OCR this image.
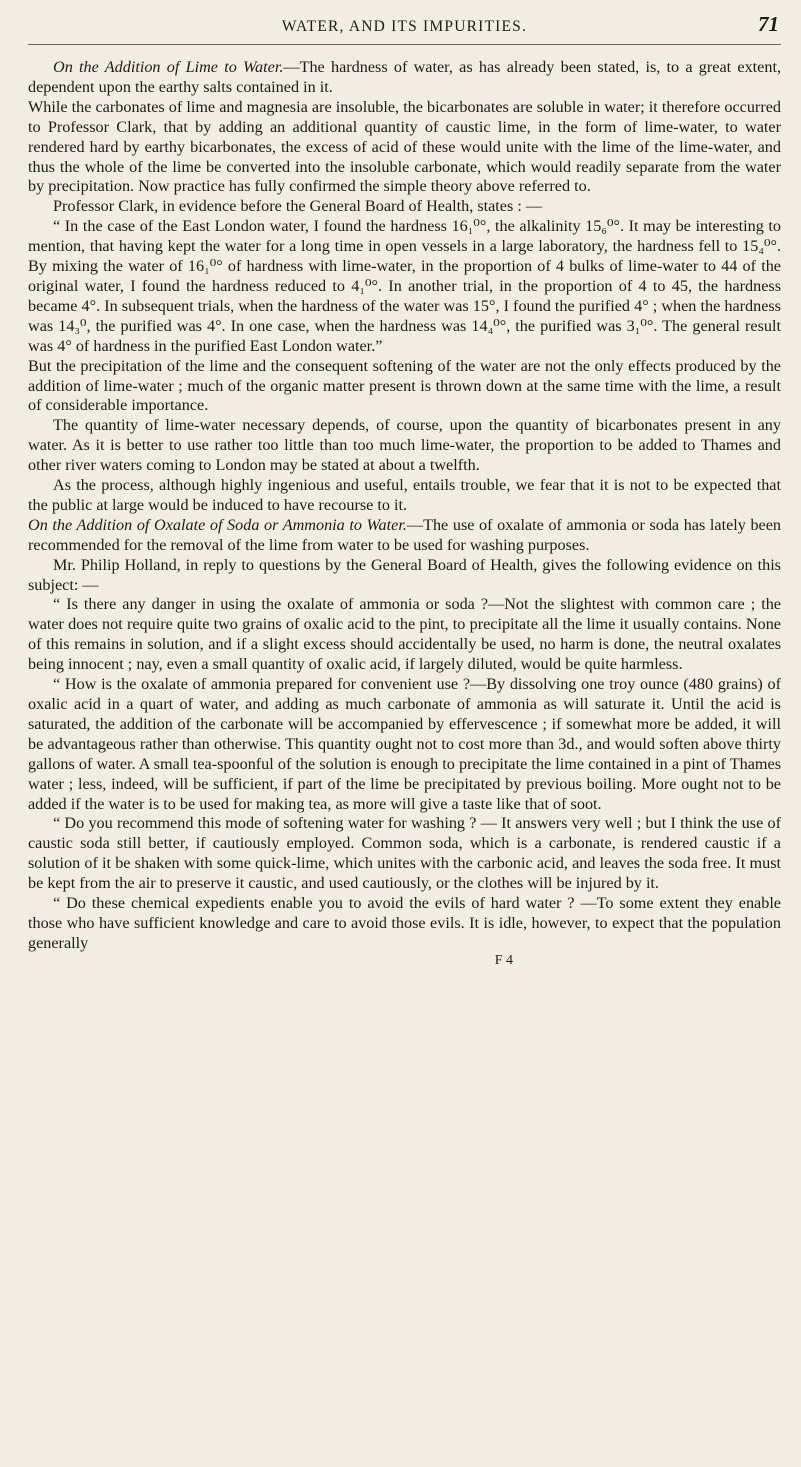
WATER, AND ITS IMPURITIES.	71

On the Addition of Lime to Water.—The hardness of water, as has already been stated, is, to a great extent, dependent upon the earthy salts contained in it.

While the carbonates of lime and magnesia are insoluble, the bicarbonates are soluble in water; it therefore occurred to Professor Clark, that by adding an additional quantity of caustic lime, in the form of lime-water, to water rendered hard by earthy bicarbonates, the excess of acid of these would unite with the lime of the lime-water, and thus the whole of the lime be converted into the insoluble carbonate, which would readily separate from the water by precipitation. Now practice has fully confirmed the simple theory above referred to.

Professor Clark, in evidence before the General Board of Health, states : —

“ In the case of the East London water, I found the hardness 16₁⁰°, the alkalinity 15₆⁰°. It may be interesting to mention, that having kept the water for a long time in open vessels in a large laboratory, the hardness fell to 15₄⁰°. By mixing the water of 16₁⁰° of hardness with lime-water, in the proportion of 4 bulks of lime-water to 44 of the original water, I found the hardness reduced to 4₁⁰°. In another trial, in the proportion of 4 to 45, the hardness became 4°. In subsequent trials, when the hardness of the water was 15°, I found the purified 4° ; when the hardness was 14₃⁰, the purified was 4°. In one case, when the hardness was 14₄⁰°, the purified was 3₁⁰°. The general result was 4° of hardness in the purified East London water.”

But the precipitation of the lime and the consequent softening of the water are not the only effects produced by the addition of lime-water ; much of the organic matter present is thrown down at the same time with the lime, a result of considerable importance.

The quantity of lime-water necessary depends, of course, upon the quantity of bicarbonates present in any water. As it is better to use rather too little than too much lime-water, the proportion to be added to Thames and other river waters coming to London may be stated at about a twelfth.

As the process, although highly ingenious and useful, entails trouble, we fear that it is not to be expected that the public at large would be induced to have recourse to it.

On the Addition of Oxalate of Soda or Ammonia to Water.—The use of oxalate of ammonia or soda has lately been recommended for the removal of the lime from water to be used for washing purposes.

Mr. Philip Holland, in reply to questions by the General Board of Health, gives the following evidence on this subject: —

“ Is there any danger in using the oxalate of ammonia or soda ?—Not the slightest with common care ; the water does not require quite two grains of oxalic acid to the pint, to precipitate all the lime it usually contains. None of this remains in solution, and if a slight excess should accidentally be used, no harm is done, the neutral oxalates being innocent ; nay, even a small quantity of oxalic acid, if largely diluted, would be quite harmless.

“ How is the oxalate of ammonia prepared for convenient use ?—By dissolving one troy ounce (480 grains) of oxalic acid in a quart of water, and adding as much carbonate of ammonia as will saturate it. Until the acid is saturated, the addition of the carbonate will be accompanied by effervescence ; if somewhat more be added, it will be advantageous rather than otherwise. This quantity ought not to cost more than 3d., and would soften above thirty gallons of water. A small tea-spoonful of the solution is enough to precipitate the lime contained in a pint of Thames water ; less, indeed, will be sufficient, if part of the lime be precipitated by previous boiling. More ought not to be added if the water is to be used for making tea, as more will give a taste like that of soot.

“ Do you recommend this mode of softening water for washing ? — It answers very well ; but I think the use of caustic soda still better, if cautiously employed. Common soda, which is a carbonate, is rendered caustic if a solution of it be shaken with some quick-lime, which unites with the carbonic acid, and leaves the soda free. It must be kept from the air to preserve it caustic, and used cautiously, or the clothes will be injured by it.

“ Do these chemical expedients enable you to avoid the evils of hard water ? —To some extent they enable those who have sufficient knowledge and care to avoid those evils. It is idle, however, to expect that the population generally

F 4
